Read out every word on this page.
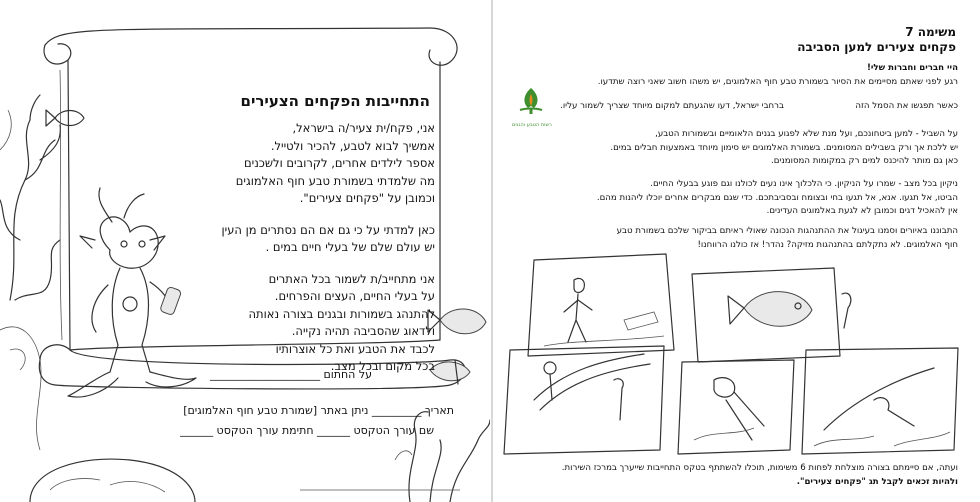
התחייבות הפקחים הצעירים
אני, פקח/ית צעיר/ה בישראל,
אמשיך לבוא לטבע, להכיר ולטייל.
אספר לילדים אחרים, לקרובים ולשכנים
מה שלמדתי בשמורת טבע חוף האלמוגים
וכמובן על "פקחים צעירים".
כאן למדתי על כי גם אם הם נסתרים מן העין
יש עולם שלם של בעלי חיים במים .
אני מתחייב/ת לשמור בכל האתרים
על בעלי החיים, העצים והפרחים.
להתנהג בשמורות ובגנים בצורה נאותה
ולדאוג שהסביבה תהיה נקייה.
לכבד את הטבע ואת כל אוצרותיו
בכל מקום ובכל מצב.
על החתום ____________________
תאריך _________ ניתן באתר [שמורת טבע חוף האלמוגים]
שם עורך הטקסט ______ חתימת עורך הטקסט ______
משימה 7
פקחים צעירים למען הסביבה
היי חברים וחברות שלי!
רגע לפני שאתם מסיימים את הסיור בשמורת טבע חוף האלמוגים, יש משהו חשוב שאני רוצה שתדעו.
כאשר תפגשו את הסמל הזה
ברחבי ישראל, דעו שהגעתם למקום מיוחד שצריך לשמור עליו.
רשות הטבע והגנים
על השביל - למען ביטחונכם, ועל מנת שלא לפגוע בגנים הלאומיים ובשמורות הטבע,
יש ללכת אך ורק בשבילים המסומנים. בשמורת האלמוגים יש סימון מיוחד באמצעות חבלים במים.
כאן גם מותר להיכנס למים רק במקומות המסומנים.
ניקיון בכל מצב - שמרו על הניקיון. כי הלכלוך אינו נעים לכולנו וגם פוגע בבעלי החיים.
הביטו, אל תגעו. אנא, אל תגעו בחי ובצומח ובסביבתכם. כדי שגם מבקרים אחרים יוכלו ליהנות מהם.
אין להאכיל דגים וכמובן לא לגעת באלמוגים העדינים.
התבוננו באיורים וסמנו בעיגול את ההתנהגות הנכונה שאולי ראיתם בביקור שלכם בשמורת טבע
חוף האלמוגים. לא נתקלתם בהתנהגות מזיקה? נהדר! אז כולנו הרווחנו!
ועתה, אם סיימתם בצורה מוצלחת לפחות 6 משימות, תוכלו להשתתף בטקס התחייבות שייערך במרכז השירות.
ולהיות זכאים לקבל תג "פקחים צעירים".
